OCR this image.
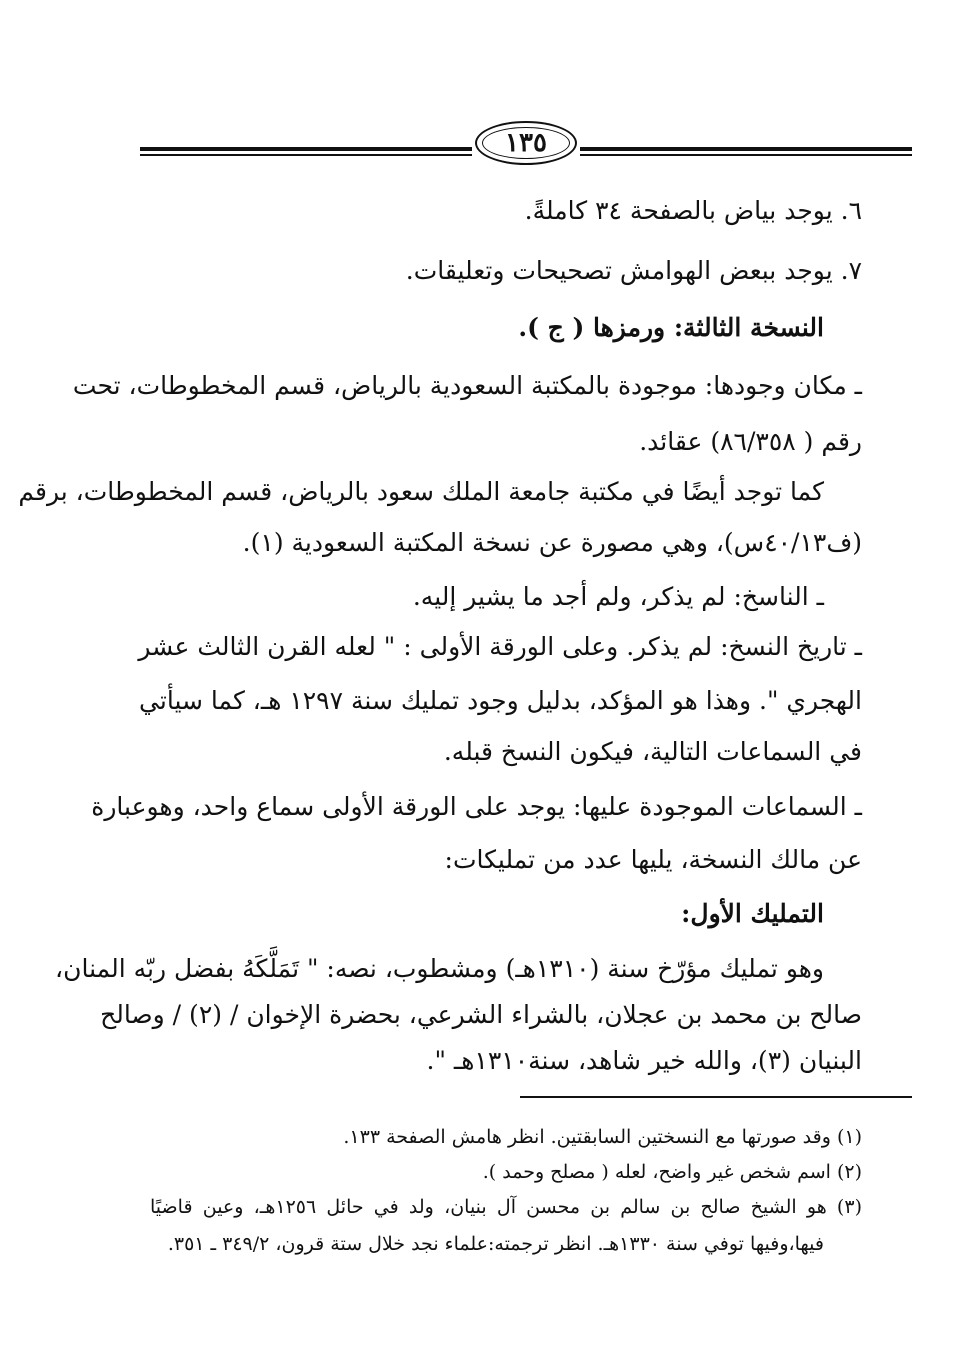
١٣٥
٦. يوجد بياض بالصفحة ٣٤ كاملةً.
٧. يوجد ببعض الهوامش تصحيحات وتعليقات.
النسخة الثالثة: ورمزها ( ج ).
ـ مكان وجودها: موجودة بالمكتبة السعودية بالرياض، قسم المخطوطات، تحت
رقم ( ٨٦/٣٥٨) عقائد.
كما توجد أيضًا في مكتبة جامعة الملك سعود بالرياض، قسم المخطوطات، برقم
(ف٤٠/١٣س)، وهي مصورة عن نسخة المكتبة السعودية (١).
ـ الناسخ: لم يذكر، ولم أجد ما يشير إليه.
ـ تاريخ النسخ: لم يذكر. وعلى الورقة الأولى : " لعله القرن الثالث عشر
الهجري ". وهذا هو المؤكد، بدليل وجود تمليك سنة ١٢٩٧ هـ، كما سيأتي
في السماعات التالية، فيكون النسخ قبله.
ـ السماعات الموجودة عليها: يوجد على الورقة الأولى سماع واحد، وهوعبارة
عن مالك النسخة، يليها عدد من تمليكات:
التمليك الأول:
وهو تمليك مؤرّخ سنة (١٣١٠هـ) ومشطوب، نصه: " تَمَلَّكَهُ بفضل ربّه المنان،
صالح بن محمد بن عجلان، بالشراء الشرعي، بحضرة الإخوان / (٢) / وصالح
البنيان (٣)، والله خير شاهد، سنة١٣١٠هـ ".
(١) وقد صورتها مع النسختين السابقتين. انظر هامش الصفحة ١٣٣.
(٢) اسم شخص غير واضح، لعله ( مصلح وحمد ).
(٣) هو الشيخ صالح بن سالم بن محسن آل بنيان، ولد في حائل ١٢٥٦هـ، وعين قاضيًا
فيها،وفيها توفي سنة ١٣٣٠هـ. انظر ترجمته:علماء نجد خلال ستة قرون، ٣٤٩/٢ ـ ٣٥١.
